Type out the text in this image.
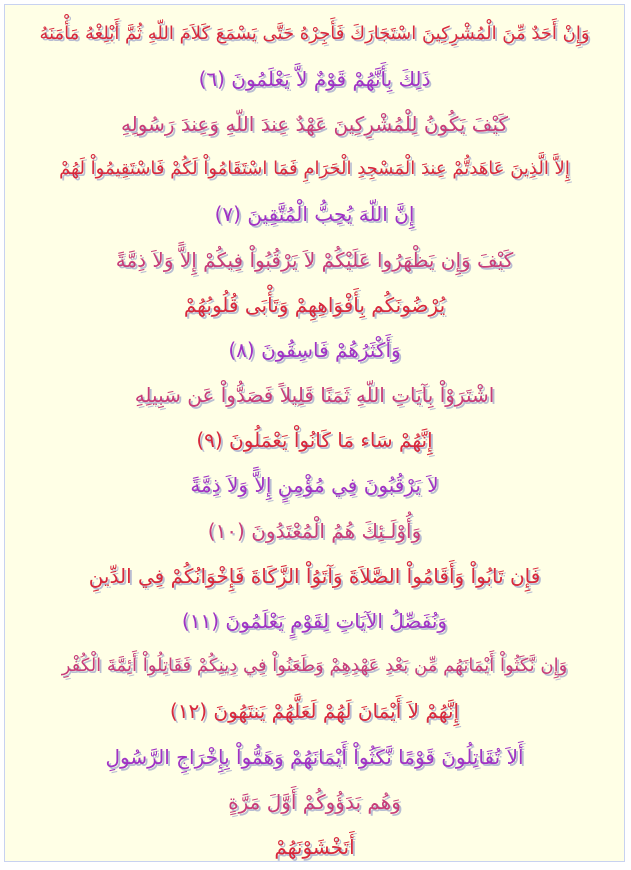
وَإِنْ أَحَدٌ مِّنَ الْمُشْرِكِينَ اسْتَجَارَكَ فَأَجِرْهُ حَتَّى يَسْمَعَ كَلاَمَ اللّهِ ثُمَّ أَبْلِغْهُ مَأْمَنَهُ
ذَلِكَ بِأَنَّهُمْ قَوْمٌ لاَّ يَعْلَمُونَ (٦)
كَيْفَ يَكُونُ لِلْمُشْرِكِينَ عَهْدٌ عِندَ اللّهِ وَعِندَ رَسُولِهِ
إِلاَّ الَّذِينَ عَاهَدتُّمْ عِندَ الْمَسْجِدِ الْحَرَامِ فَمَا اسْتَقَامُواْ لَكُمْ فَاسْتَقِيمُواْ لَهُمْ
إِنَّ اللّهَ يُحِبُّ الْمُتَّقِينَ (٧)
كَيْفَ وَإِن يَظْهَرُوا عَلَيْكُمْ لاَ يَرْقُبُواْ فِيكُمْ إِلاًّ وَلاَ ذِمَّةً
يُرْضُونَكُم بِأَفْوَاهِهِمْ وَتَأْبَى قُلُوبُهُمْ
وَأَكْثَرُهُمْ فَاسِقُونَ (٨)
اشْتَرَوْاْ بِآيَاتِ اللّهِ ثَمَنًا قَلِيلاً فَصَدُّواْ عَن سَبِيلِهِ
إِنَّهُمْ سَاء مَا كَانُواْ يَعْمَلُونَ (٩)
لاَ يَرْقُبُونَ فِي مُؤْمِنٍ إِلاًّ وَلاَ ذِمَّةً
وَأُوْلَـئِكَ هُمُ الْمُعْتَدُونَ (١٠)
فَإِن تَابُواْ وَأَقَامُواْ الصَّلاَةَ وَآتَوُاْ الزَّكَاةَ فَإِخْوَانُكُمْ فِي الدِّينِ
وَنُفَصِّلُ الآيَاتِ لِقَوْمٍ يَعْلَمُونَ (١١)
وَإِن نَّكَثُواْ أَيْمَانَهُم مِّن بَعْدِ عَهْدِهِمْ وَطَعَنُواْ فِي دِينِكُمْ فَقَاتِلُواْ أَئِمَّةَ الْكُفْرِ
إِنَّهُمْ لاَ أَيْمَانَ لَهُمْ لَعَلَّهُمْ يَنتَهُونَ (١٢)
أَلاَ تُقَاتِلُونَ قَوْمًا نَّكَثُواْ أَيْمَانَهُمْ وَهَمُّواْ بِإِخْرَاجِ الرَّسُولِ
وَهُم بَدَؤُوكُمْ أَوَّلَ مَرَّةٍ
أَتَخْشَوْنَهُمْ
